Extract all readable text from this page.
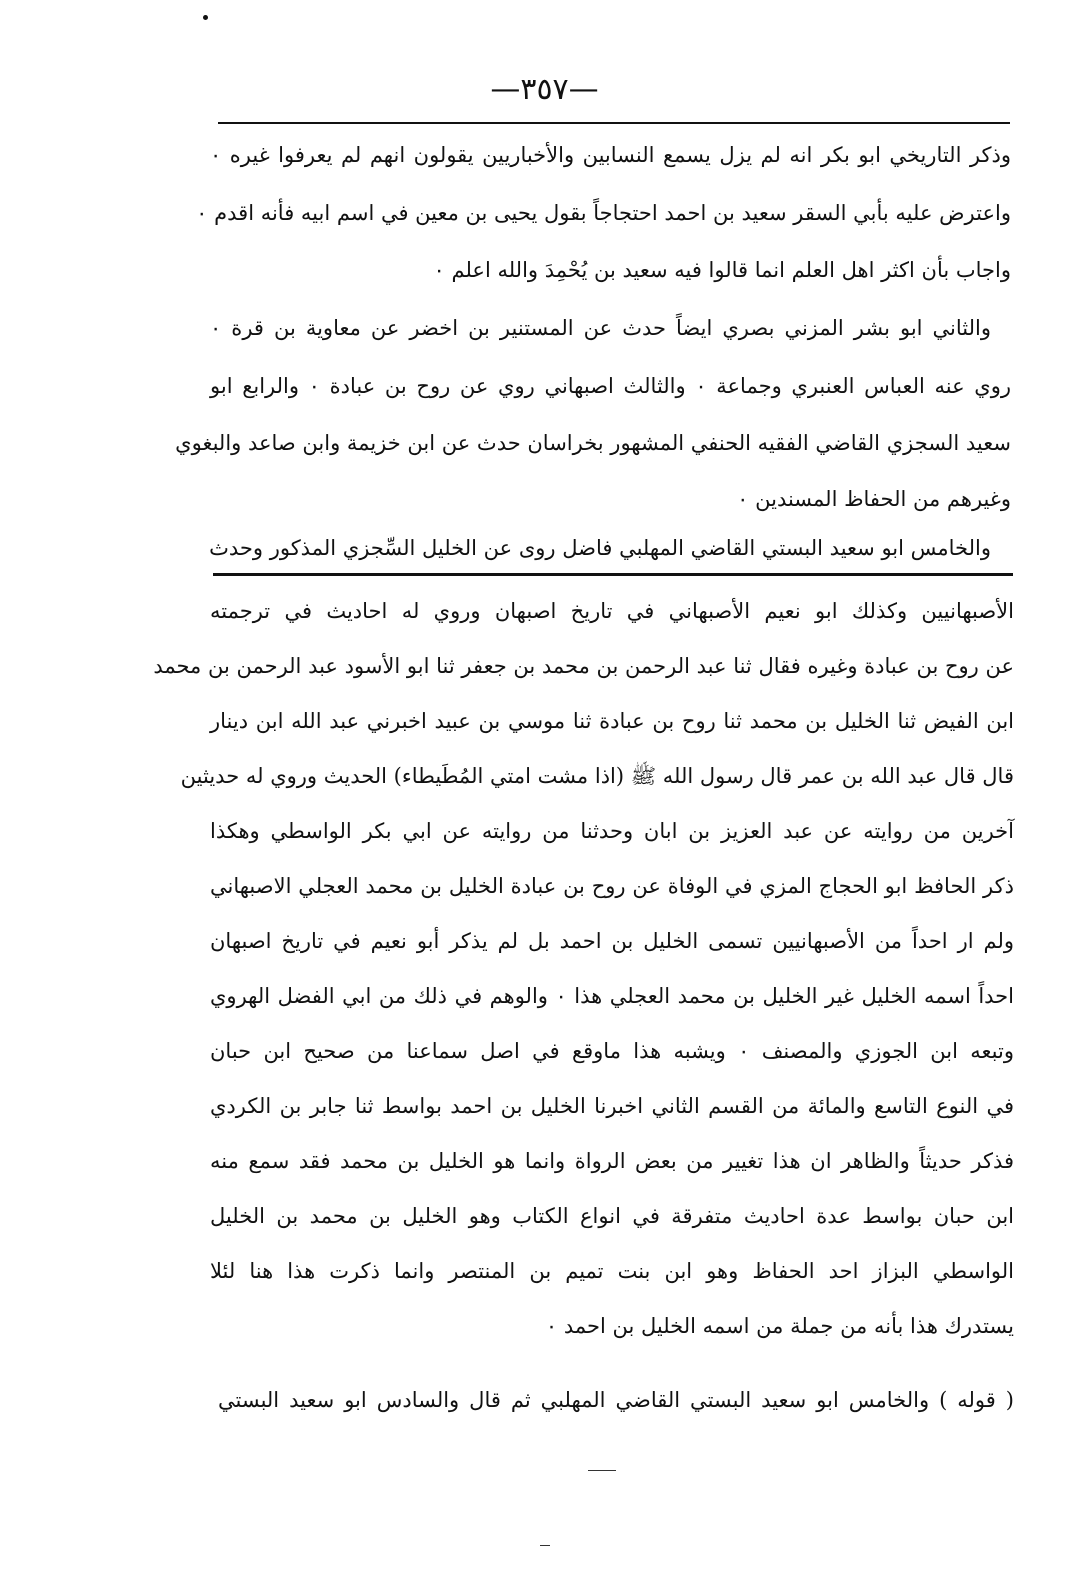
—٣٥٧—
وذكر التاريخي ابو بكر انه لم يزل يسمع النسابين والأخباريين يقولون انهم لم يعرفوا غيره ٠
واعترض عليه بأبي السقر سعيد بن احمد احتجاجاً بقول يحيى بن معين في اسم ابيه فأنه اقدم ٠
واجاب بأن اكثر اهل العلم انما قالوا فيه سعيد بن يُحْمِدَ والله اعلم ٠
والثاني ابو بشر المزني بصري ايضاً حدث عن المستنير بن اخضر عن معاوية بن قرة ٠
روي عنه العباس العنبري وجماعة ٠ والثالث اصبهاني روي عن روح بن عبادة ٠ والرابع ابو
سعيد السجزي القاضي الفقيه الحنفي المشهور بخراسان حدث عن ابن خزيمة وابن صاعد والبغوي
وغيرهم من الحفاظ المسندين ٠
والخامس ابو سعيد البستي القاضي المهلبي فاضل روى عن الخليل السِّجزي المذكور وحدث
الأصبهانيين وكذلك ابو نعيم الأصبهاني في تاريخ اصبهان وروي له احاديث في ترجمته
عن روح بن عبادة وغيره فقال ثنا عبد الرحمن بن محمد بن جعفر ثنا ابو الأسود عبد الرحمن بن محمد
ابن الفيض ثنا الخليل بن محمد ثنا روح بن عبادة ثنا موسي بن عبيد اخبرني عبد الله ابن دينار
قال قال عبد الله بن عمر قال رسول الله ﷺ (اذا مشت امتي المُطَيطاء) الحديث وروي له حديثين
آخرين من روايته عن عبد العزيز بن ابان وحدثنا من روايته عن ابي بكر الواسطي وهكذا
ذكر الحافظ ابو الحجاج المزي في الوفاة عن روح بن عبادة الخليل بن محمد العجلي الاصبهاني
ولم ار احداً من الأصبهانيين تسمى الخليل بن احمد بل لم يذكر أبو نعيم في تاريخ اصبهان
احداً اسمه الخليل غير الخليل بن محمد العجلي هذا ٠ والوهم في ذلك من ابي الفضل الهروي
وتبعه ابن الجوزي والمصنف ٠ ويشبه هذا ماوقع في اصل سماعنا من صحيح ابن حبان
في النوع التاسع والمائة من القسم الثاني اخبرنا الخليل بن احمد بواسط ثنا جابر بن الكردي
فذكر حديثاً والظاهر ان هذا تغيير من بعض الرواة وانما هو الخليل بن محمد فقد سمع منه
ابن حبان بواسط عدة احاديث متفرقة في انواع الكتاب وهو الخليل بن محمد بن الخليل
الواسطي البزاز احد الحفاظ وهو ابن بنت تميم بن المنتصر وانما ذكرت هذا هنا لئلا
يستدرك هذا بأنه من جملة من اسمه الخليل بن احمد ٠
( قوله ) والخامس ابو سعيد البستي القاضي المهلبي ثم قال والسادس ابو سعيد البستي
